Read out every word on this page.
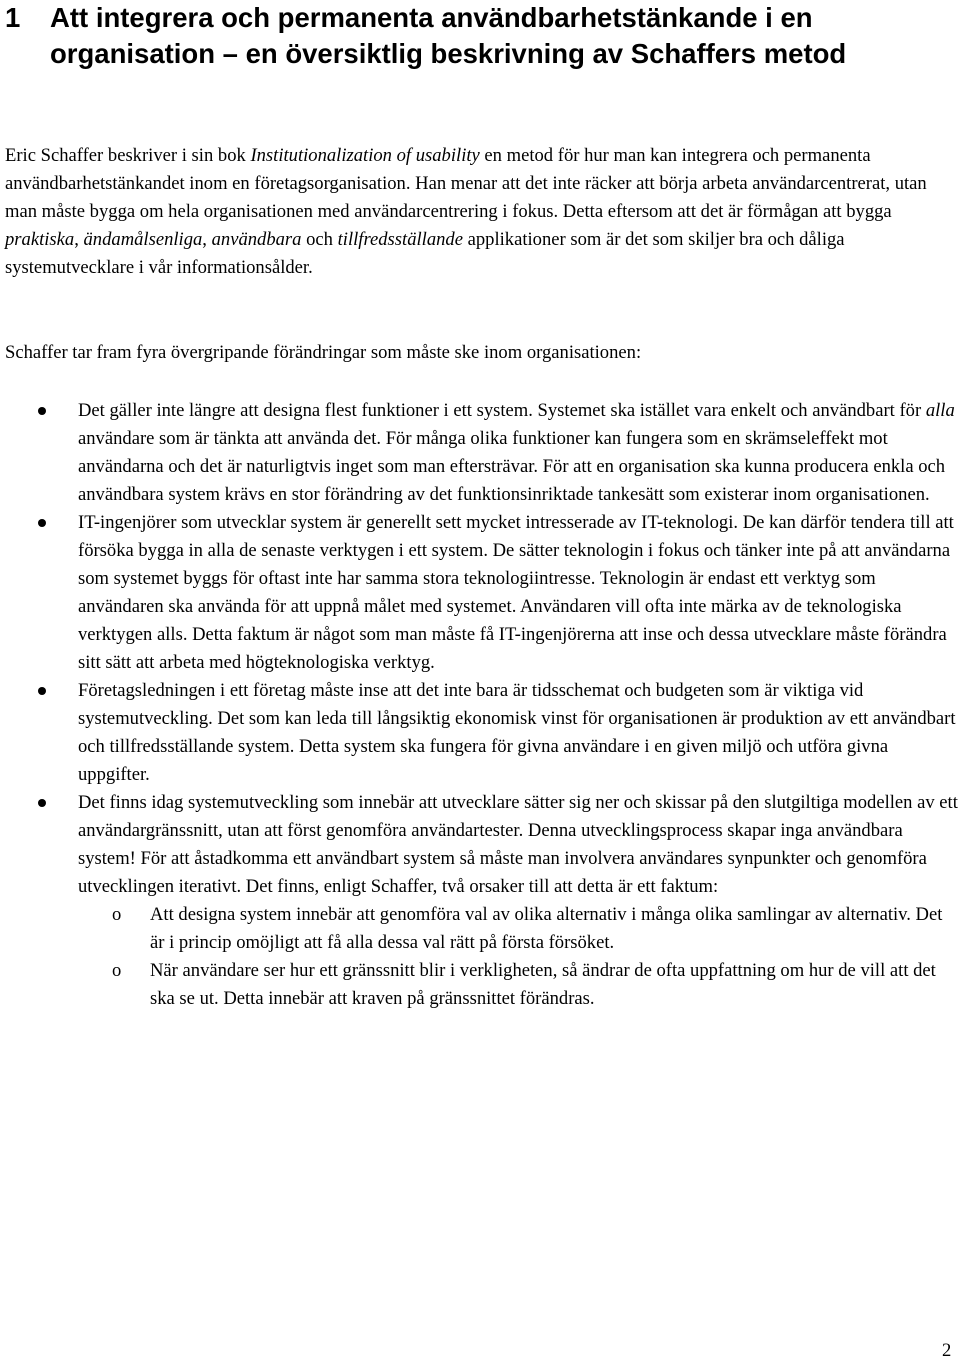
1 Att integrera och permanenta användbarhetstänkande i en organisation – en översiktlig beskrivning av Schaffers metod

Eric Schaffer beskriver i sin bok Institutionalization of usability en metod för hur man kan integrera och permanenta användbarhetstänkandet inom en företagsorganisation. Han menar att det inte räcker att börja arbeta användarcentrerat, utan man måste bygga om hela organisationen med användarcentrering i fokus. Detta eftersom att det är förmågan att bygga praktiska, ändamålsenliga, användbara och tillfredsställande applikationer som är det som skiljer bra och dåliga systemutvecklare i vår informationsålder.

Schaffer tar fram fyra övergripande förändringar som måste ske inom organisationen:

Det gäller inte längre att designa flest funktioner i ett system. Systemet ska istället vara enkelt och användbart för alla användare som är tänkta att använda det. För många olika funktioner kan fungera som en skrämseleffekt mot användarna och det är naturligtvis inget som man eftersträvar. För att en organisation ska kunna producera enkla och användbara system krävs en stor förändring av det funktionsinriktade tankesätt som existerar inom organisationen.
IT-ingenjörer som utvecklar system är generellt sett mycket intresserade av IT-teknologi. De kan därför tendera till att försöka bygga in alla de senaste verktygen i ett system. De sätter teknologin i fokus och tänker inte på att användarna som systemet byggs för oftast inte har samma stora teknologiintresse. Teknologin är endast ett verktyg som användaren ska använda för att uppnå målet med systemet. Användaren vill ofta inte märka av de teknologiska verktygen alls. Detta faktum är något som man måste få IT-ingenjörerna att inse och dessa utvecklare måste förändra sitt sätt att arbeta med högteknologiska verktyg.
Företagsledningen i ett företag måste inse att det inte bara är tidsschemat och budgeten som är viktiga vid systemutveckling. Det som kan leda till långsiktig ekonomisk vinst för organisationen är produktion av ett användbart och tillfredsställande system. Detta system ska fungera för givna användare i en given miljö och utföra givna uppgifter.
Det finns idag systemutveckling som innebär att utvecklare sätter sig ner och skissar på den slutgiltiga modellen av ett användargränssnitt, utan att först genomföra användartester. Denna utvecklingsprocess skapar inga användbara system! För att åstadkomma ett användbart system så måste man involvera användares synpunkter och genomföra utvecklingen iterativt. Det finns, enligt Schaffer, två orsaker till att detta är ett faktum:
o Att designa system innebär att genomföra val av olika alternativ i många olika samlingar av alternativ. Det är i princip omöjligt att få alla dessa val rätt på första försöket.
o När användare ser hur ett gränssnitt blir i verkligheten, så ändrar de ofta uppfattning om hur de vill att det ska se ut. Detta innebär att kraven på gränssnittet förändras.
2
